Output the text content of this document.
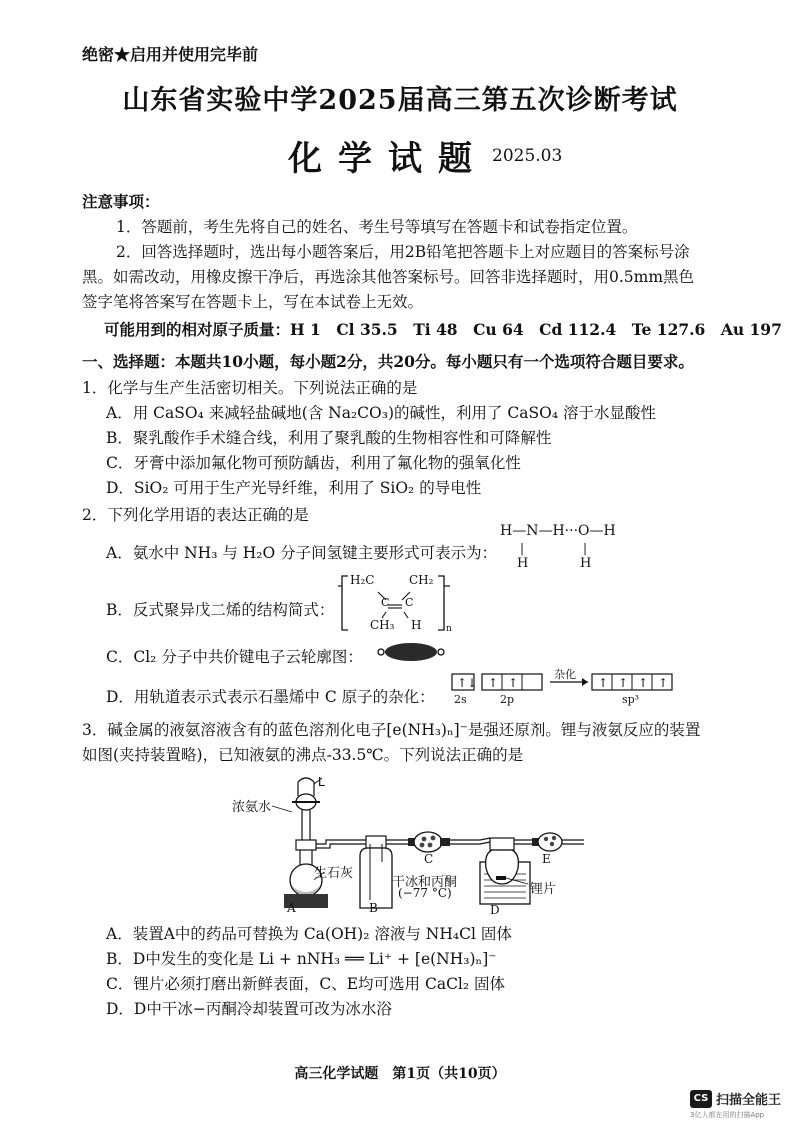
绝密★启用并使用完毕前
山东省实验中学2025届高三第五次诊断考试
化学试题 2025.03
注意事项：
1．答题前，考生先将自己的姓名、考生号等填写在答题卡和试卷指定位置。
2．回答选择题时，选出每小题答案后，用2B铅笔把答题卡上对应题目的答案标号涂
黑。如需改动，用橡皮擦干净后，再选涂其他答案标号。回答非选择题时，用0.5mm黑色
签字笔将答案写在答题卡上，写在本试卷上无效。
可能用到的相对原子质量：H 1　Cl 35.5　Ti 48　Cu 64　Cd 112.4　Te 127.6　Au 197
一、选择题：本题共10小题，每小题2分，共20分。每小题只有一个选项符合题目要求。
1．化学与生产生活密切相关。下列说法正确的是
A．用 CaSO₄ 来减轻盐碱地(含 Na₂CO₃)的碱性，利用了 CaSO₄ 溶于水显酸性
B．聚乳酸作手术缝合线，利用了聚乳酸的生物相容性和可降解性
C．牙膏中添加氟化物可预防龋齿，利用了氟化物的强氧化性
D．SiO₂ 可用于生产光导纤维，利用了 SiO₂ 的导电性
2．下列化学用语的表达正确的是
A．氨水中 NH₃ 与 H₂O 分子间氢键主要形式可表示为：
H—N—H···O—H
|	|
H	H
B．反式聚异戊二烯的结构简式：
H₂C	CH₂
C C
CH₃ H	n
C．Cl₂ 分子中共价键电子云轮廓图：
D．用轨道表示式表示石墨烯中 C 原子的杂化：
↑↓ ↑ ↑	↑ ↑ ↑ ↑
2s	2p
杂化
sp³
3．碱金属的液氨溶液含有的蓝色溶剂化电子[e(NH₃)ₙ]⁻是强还原剂。锂与液氨反应的装置
如图(夹持装置略)，已知液氨的沸点-33.5℃。下列说法正确的是
L
浓氨水
生石灰
干冰和丙酮
(−77 °C)	锂片
A	B
C
D
E
A．装置A中的药品可替换为 Ca(OH)₂ 溶液与 NH₄Cl 固体
B．D中发生的变化是 Li + nNH₃ ══ Li⁺ + [e(NH₃)ₙ]⁻
C．锂片必须打磨出新鲜表面，C、E均可选用 CaCl₂ 固体
D．D中干冰−丙酮冷却装置可改为冰水浴
高三化学试题　第1页（共10页）
CS 扫描全能王
3亿人都在用的扫描App
